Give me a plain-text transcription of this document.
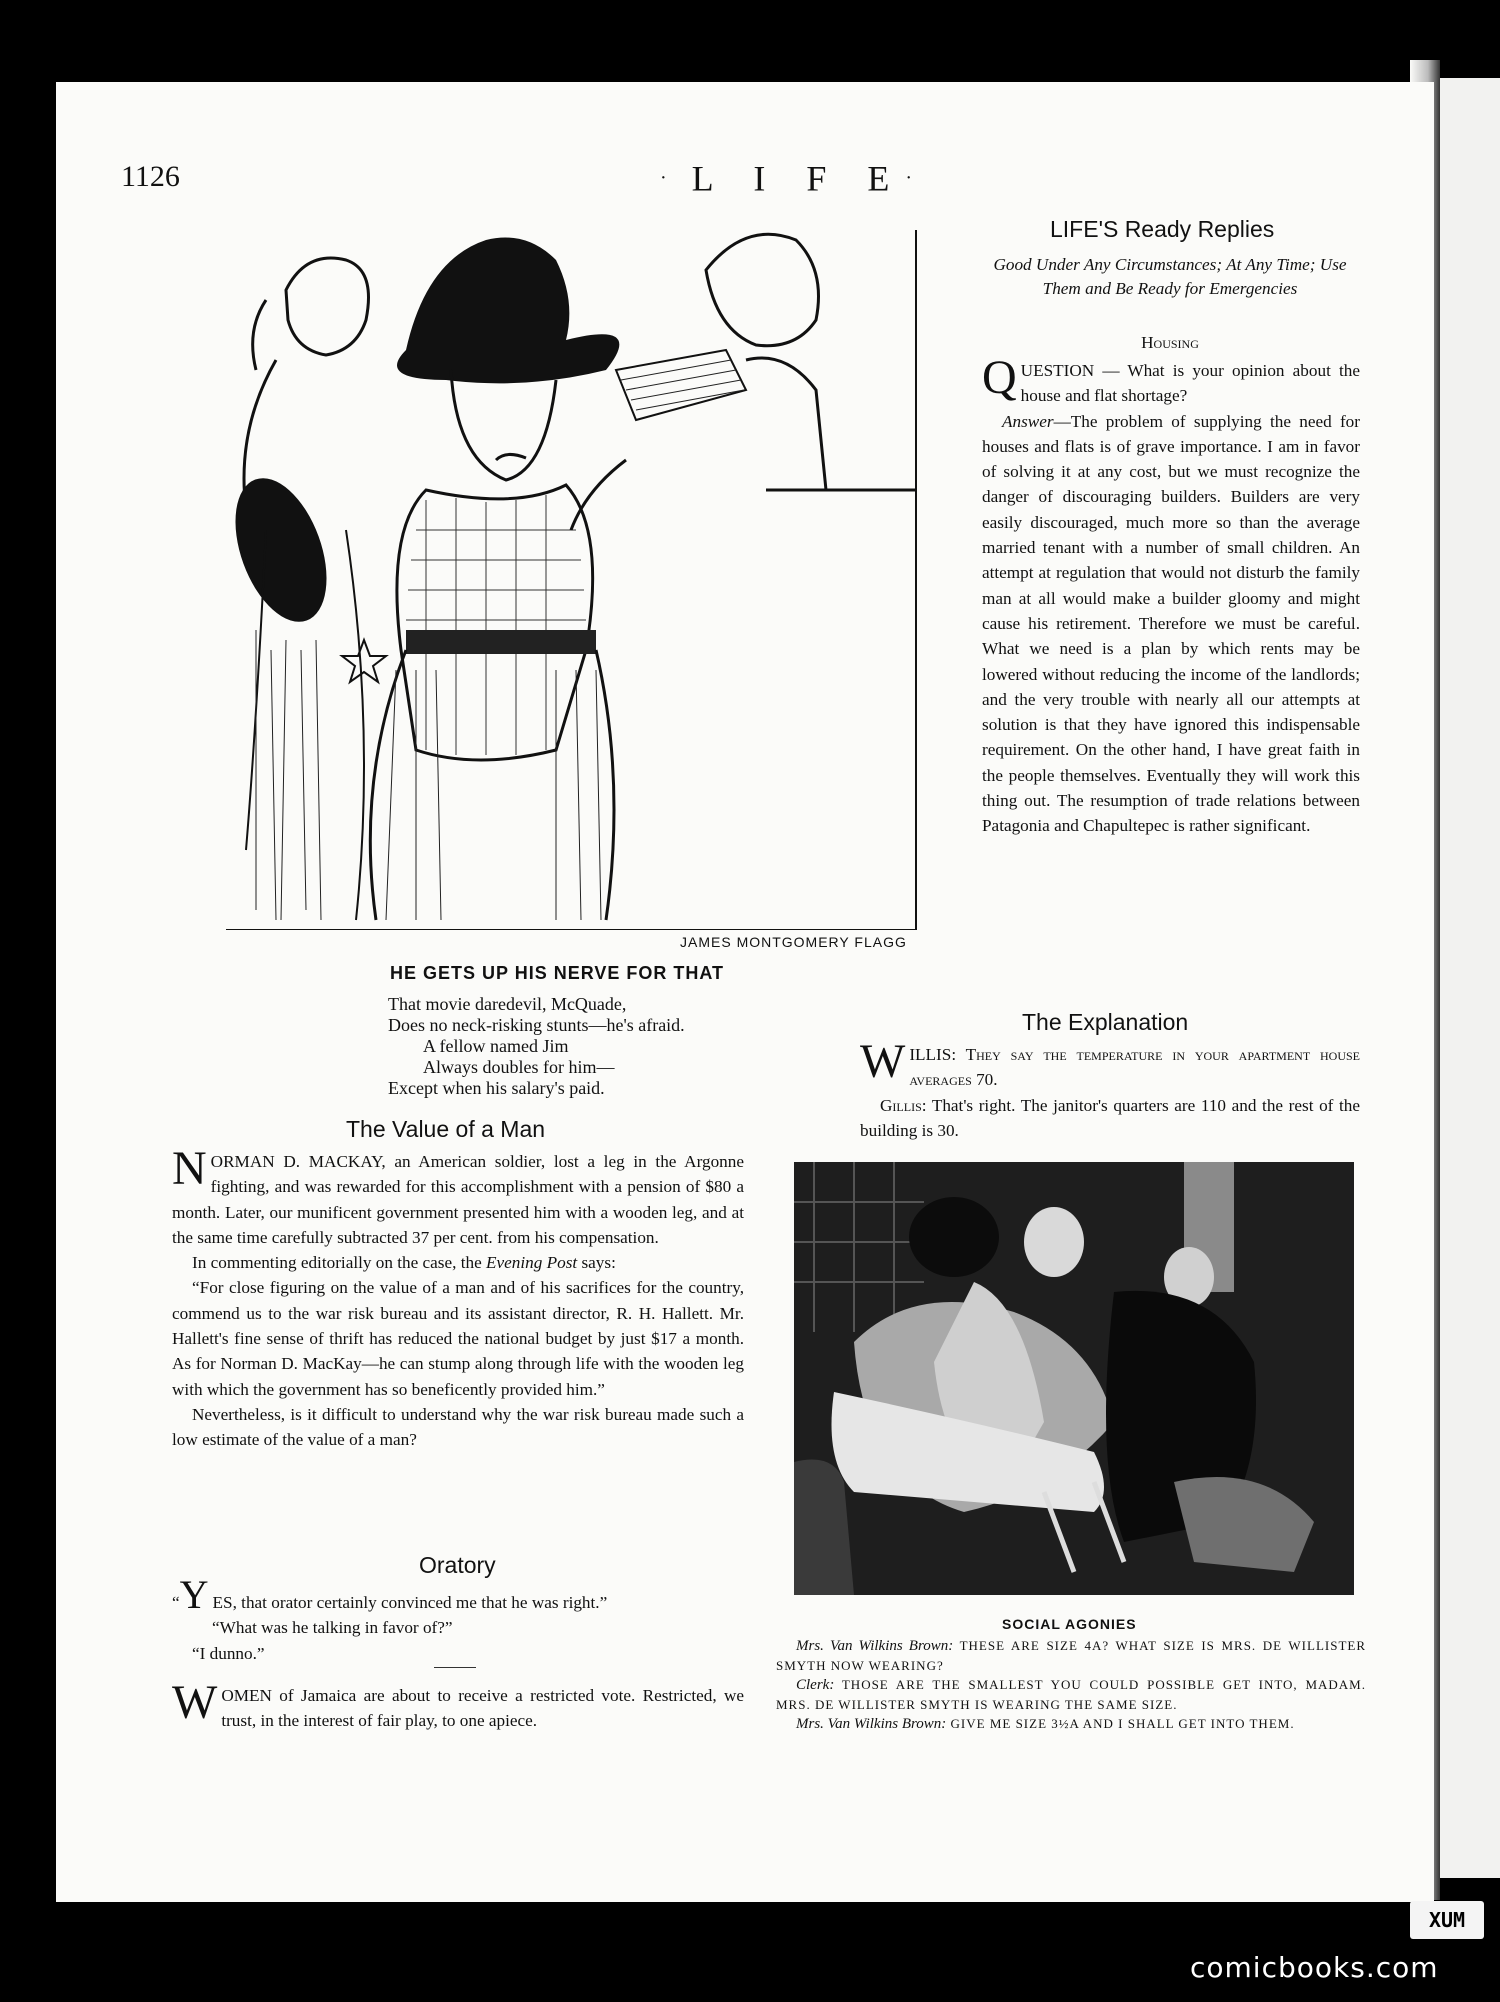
1126	· L I F E·
JAMES MONTGOMERY FLAGG
HE GETS UP HIS NERVE FOR THAT
That movie daredevil, McQuade,
Does no neck-risking stunts—he's afraid.
A fellow named Jim
Always doubles for him—
Except when his salary's paid.
The Value of a Man

NORMAN D. MACKAY, an American soldier, lost a leg in the Argonne fighting, and was rewarded for this accomplishment with a pension of $80 a month. Later, our munificent government presented him with a wooden leg, and at the same time carefully subtracted 37 per cent. from his compensation.

In commenting editorially on the case, the Evening Post says:

“For close figuring on the value of a man and of his sacrifices for the country, commend us to the war risk bureau and its assistant director, R. H. Hallett. Mr. Hallett's fine sense of thrift has reduced the national budget by just $17 a month. As for Norman D. MacKay—he can stump along through life with the wooden leg with which the government has so beneficently provided him.”

Nevertheless, is it difficult to understand why the war risk bureau made such a low estimate of the value of a man?

Oratory

“Y ES, that orator certainly convinced me that he was right.”

“What was he talking in favor of?”

“I dunno.”

WOMEN of Jamaica are about to receive a restricted vote. Restricted, we trust, in the interest of fair play, to one apiece.

LIFE'S Ready Replies
Good Under Any Circumstances; At Any Time; Use Them and Be Ready for Emergencies
Housing

QUESTION — What is your opinion about the house and flat shortage?

Answer—The problem of supplying the need for houses and flats is of grave importance. I am in favor of solving it at any cost, but we must recognize the danger of discouraging builders. Builders are very easily discouraged, much more so than the average married tenant with a number of small children. An attempt at regulation that would not disturb the family man at all would make a builder gloomy and might cause his retirement. Therefore we must be careful. What we need is a plan by which rents may be lowered without reducing the income of the landlords; and the very trouble with nearly all our attempts at solution is that they have ignored this indispensable requirement. On the other hand, I have great faith in the people themselves. Eventually they will work this thing out. The resumption of trade relations between Patagonia and Chapultepec is rather significant.

The Explanation

WILLIS: They say the temperature in your apartment house averages 70.

Gillis: That's right. The janitor's quarters are 110 and the rest of the building is 30.

SOCIAL AGONIES

Mrs. Van Wilkins Brown: THESE ARE SIZE 4A? WHAT SIZE IS MRS. DE WILLISTER SMYTH NOW WEARING?

Clerk: THOSE ARE THE SMALLEST YOU COULD POSSIBLE GET INTO, MADAM. MRS. DE WILLISTER SMYTH IS WEARING THE SAME SIZE.

Mrs. Van Wilkins Brown: GIVE ME SIZE 3½A AND I SHALL GET INTO THEM.

XUM
comicbooks.com
